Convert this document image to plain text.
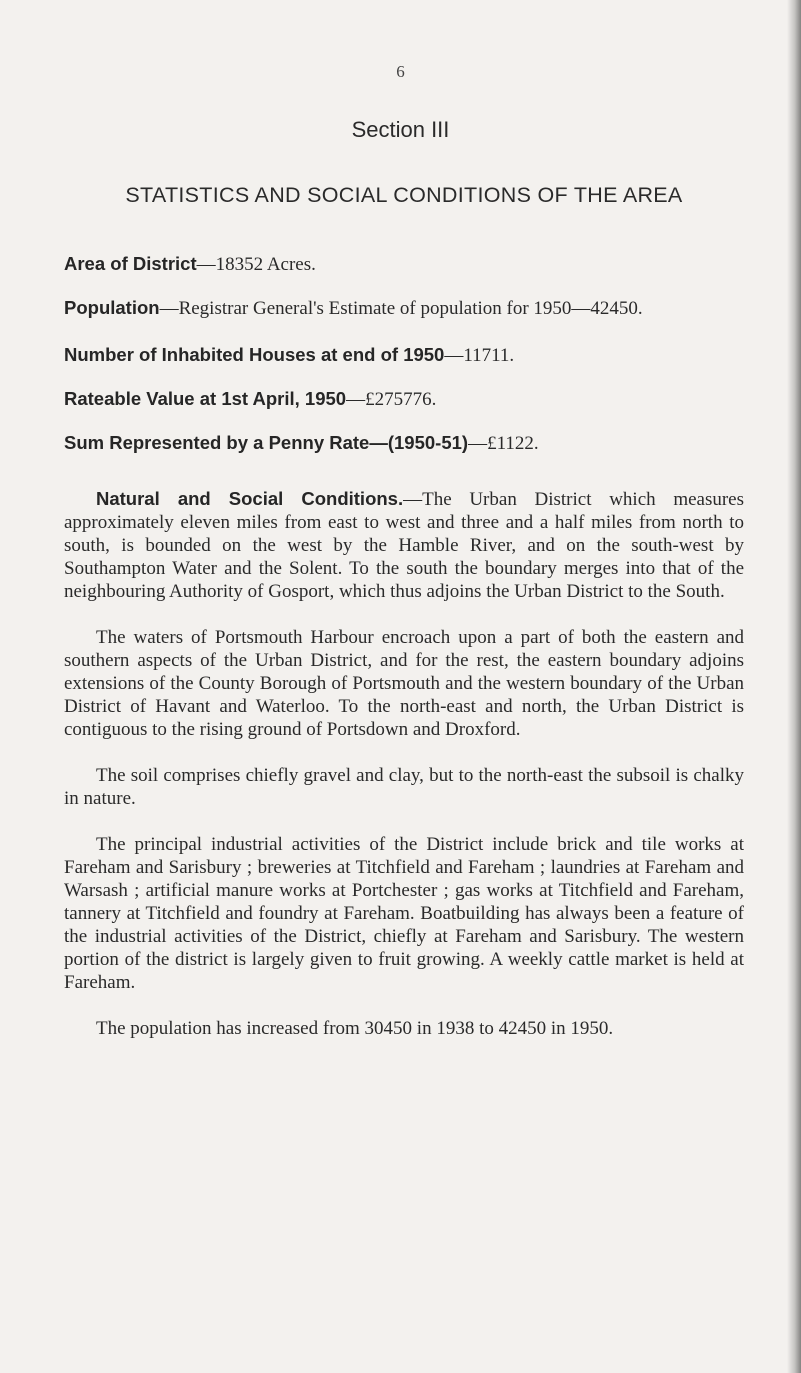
6
Section III
STATISTICS AND SOCIAL CONDITIONS OF THE AREA

Area of District—18352 Acres.

Population—Registrar General's Estimate of population for 1950—42450.

Number of Inhabited Houses at end of 1950—11711.

Rateable Value at 1st April, 1950—£275776.

Sum Represented by a Penny Rate—(1950-51)—£1122.

Natural and Social Conditions.—The Urban District which measures approximately eleven miles from east to west and three and a half miles from north to south, is bounded on the west by the Hamble River, and on the south-west by Southampton Water and the Solent. To the south the boundary merges into that of the neighbouring Authority of Gosport, which thus adjoins the Urban District to the South.

The waters of Portsmouth Harbour encroach upon a part of both the eastern and southern aspects of the Urban District, and for the rest, the eastern boundary adjoins extensions of the County Borough of Portsmouth and the western boundary of the Urban District of Havant and Waterloo. To the north-east and north, the Urban District is contiguous to the rising ground of Portsdown and Droxford.

The soil comprises chiefly gravel and clay, but to the north-east the subsoil is chalky in nature.

The principal industrial activities of the District include brick and tile works at Fareham and Sarisbury ; breweries at Titchfield and Fareham ; laundries at Fareham and Warsash ; artificial manure works at Portchester ; gas works at Titchfield and Fareham, tannery at Titchfield and foundry at Fareham. Boatbuilding has always been a feature of the industrial activities of the District, chiefly at Fareham and Sarisbury. The western portion of the district is largely given to fruit growing. A weekly cattle market is held at Fareham.

The population has increased from 30450 in 1938 to 42450 in 1950.
